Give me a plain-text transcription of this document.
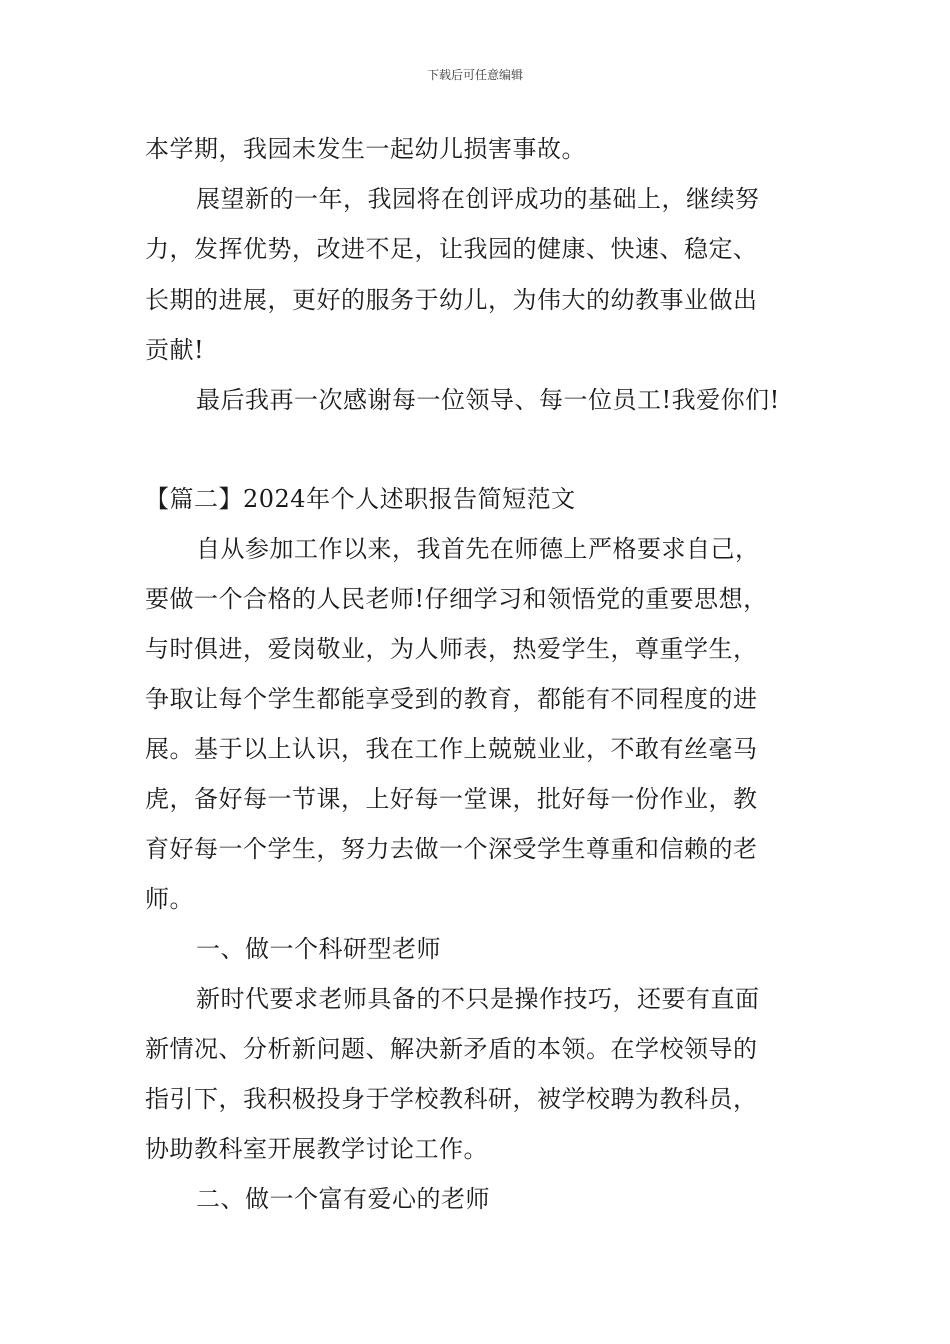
下载后可任意编辑
本学期，我园未发生一起幼儿损害事故。
展望新的一年，我园将在创评成功的基础上，继续努
力，发挥优势，改进不足，让我园的健康、快速、稳定、
长期的进展，更好的服务于幼儿，为伟大的幼教事业做出
贡献!
最后我再一次感谢每一位领导、每一位员工!我爱你们!
【篇二】2024年个人述职报告简短范文
自从参加工作以来，我首先在师德上严格要求自己，
要做一个合格的人民老师!仔细学习和领悟党的重要思想，
与时俱进，爱岗敬业，为人师表，热爱学生，尊重学生，
争取让每个学生都能享受到的教育，都能有不同程度的进
展。基于以上认识，我在工作上兢兢业业，不敢有丝毫马
虎，备好每一节课，上好每一堂课，批好每一份作业，教
育好每一个学生，努力去做一个深受学生尊重和信赖的老
师。
一、做一个科研型老师
新时代要求老师具备的不只是操作技巧，还要有直面
新情况、分析新问题、解决新矛盾的本领。在学校领导的
指引下，我积极投身于学校教科研，被学校聘为教科员，
协助教科室开展教学讨论工作。
二、做一个富有爱心的老师
